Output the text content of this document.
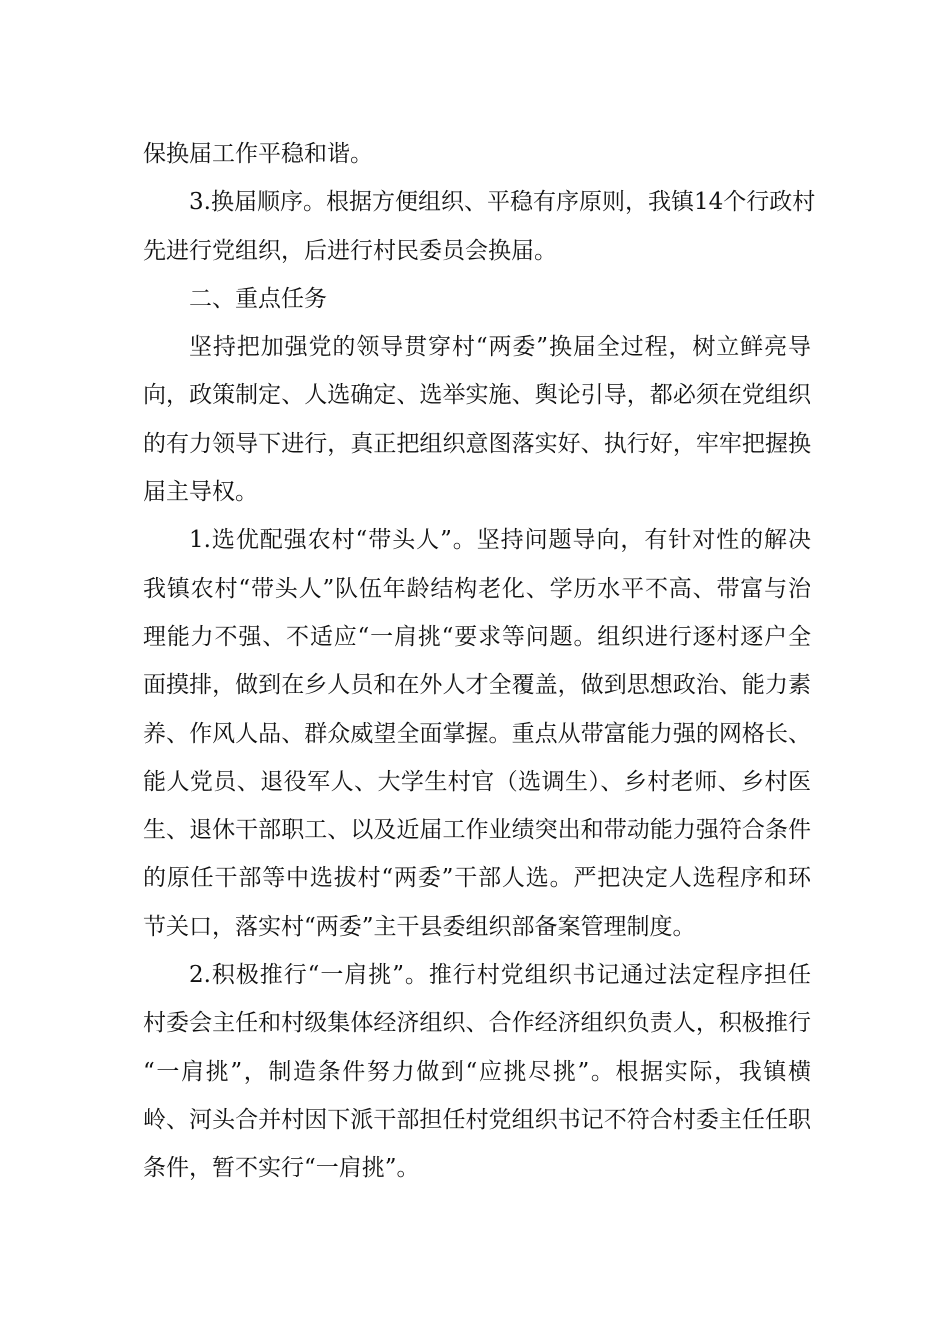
保换届工作平稳和谐。
3.换届顺序。根据方便组织、平稳有序原则，我镇14个行政村
先进行党组织，后进行村民委员会换届。
二、重点任务
坚持把加强党的领导贯穿村“两委”换届全过程，树立鲜亮导
向，政策制定、人选确定、选举实施、舆论引导，都必须在党组织
的有力领导下进行，真正把组织意图落实好、执行好，牢牢把握换
届主导权。
1.选优配强农村“带头人”。坚持问题导向，有针对性的解决
我镇农村“带头人”队伍年龄结构老化、学历水平不高、带富与治
理能力不强、不适应“一肩挑“要求等问题。组织进行逐村逐户全
面摸排，做到在乡人员和在外人才全覆盖，做到思想政治、能力素
养、作风人品、群众威望全面掌握。重点从带富能力强的网格长、
能人党员、退役军人、大学生村官（选调生）、乡村老师、乡村医
生、退休干部职工、以及近届工作业绩突出和带动能力强符合条件
的原任干部等中选拔村“两委”干部人选。严把决定人选程序和环
节关口，落实村“两委”主干县委组织部备案管理制度。
2.积极推行“一肩挑”。推行村党组织书记通过法定程序担任
村委会主任和村级集体经济组织、合作经济组织负责人，积极推行
“一肩挑”，制造条件努力做到“应挑尽挑”。根据实际，我镇横
岭、河头合并村因下派干部担任村党组织书记不符合村委主任任职
条件，暂不实行“一肩挑”。
